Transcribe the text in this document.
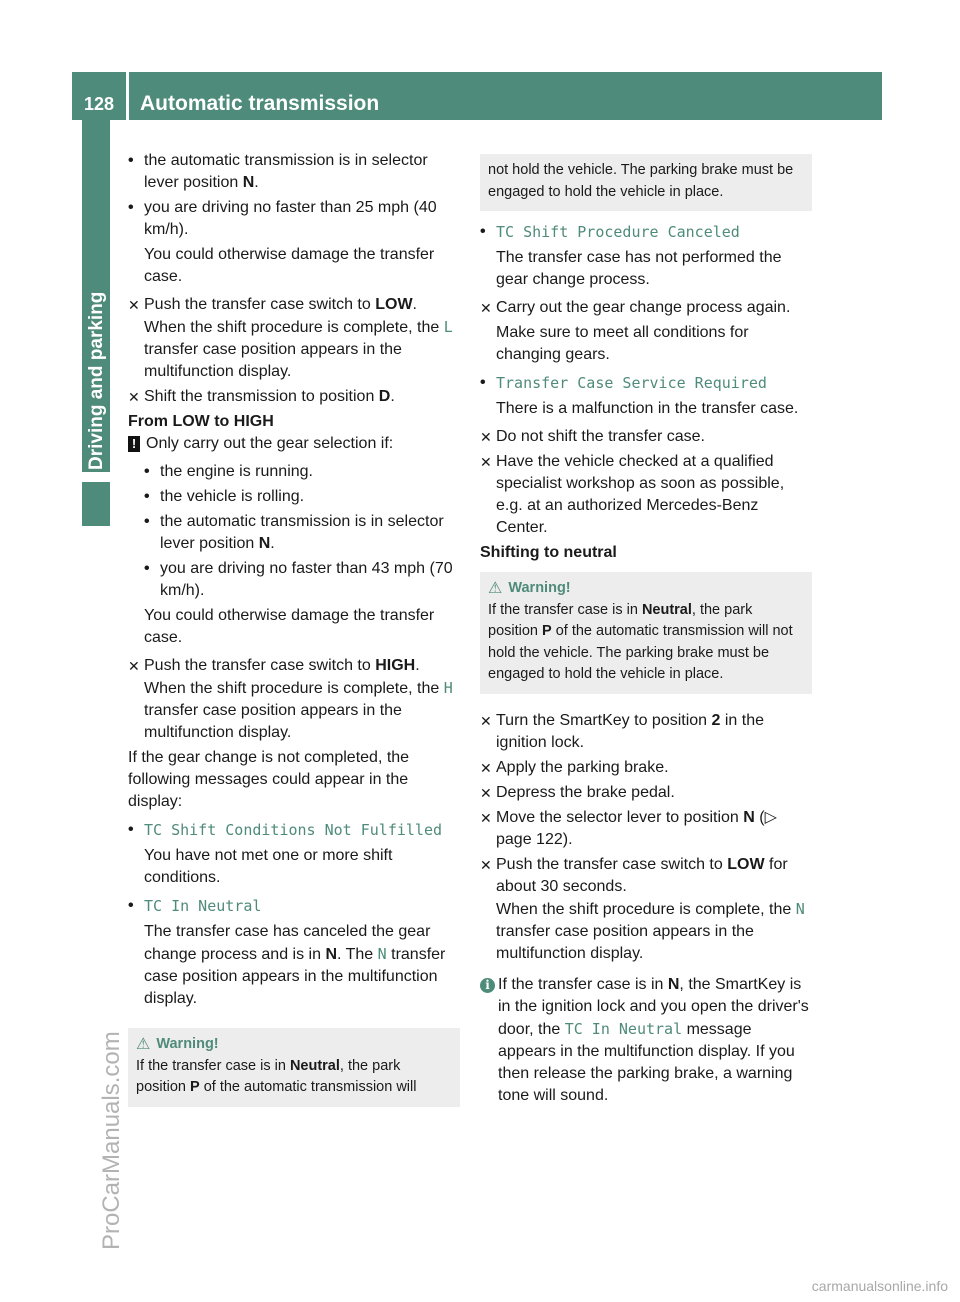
128 Automatic transmission
Driving and parking
ProCarManuals.com
carmanualsonline.info
• the automatic transmission is in selector lever position N.
• you are driving no faster than 25 mph (40 km/h).

You could otherwise damage the transfer case.

✕ Push the transfer case switch to LOW.
When the shift procedure is complete, the L transfer case position appears in the multifunction display.
✕ Shift the transmission to position D.

From LOW to HIGH

! Only carry out the gear selection if:

• the engine is running.
• the vehicle is rolling.
• the automatic transmission is in selector lever position N.
• you are driving no faster than 43 mph (70 km/h).

You could otherwise damage the transfer case.

✕ Push the transfer case switch to HIGH.
When the shift procedure is complete, the H transfer case position appears in the multifunction display.

If the gear change is not completed, the following messages could appear in the display:

• TC Shift Conditions Not Fulfilled

You have not met one or more shift conditions.

• TC In Neutral

The transfer case has canceled the gear change process and is in N. The N transfer case position appears in the multifunction display.

⚠ Warning!
If the transfer case is in Neutral, the park position P of the automatic transmission will
not hold the vehicle. The parking brake must be engaged to hold the vehicle in place.
• TC Shift Procedure Canceled

The transfer case has not performed the gear change process.

✕ Carry out the gear change process again.

Make sure to meet all conditions for changing gears.

• Transfer Case Service Required

There is a malfunction in the transfer case.

✕ Do not shift the transfer case.
✕ Have the vehicle checked at a qualified specialist workshop as soon as possible, e.g. at an authorized Mercedes-Benz Center.

Shifting to neutral

⚠ Warning!
If the transfer case is in Neutral, the park position P of the automatic transmission will not hold the vehicle. The parking brake must be engaged to hold the vehicle in place.
✕ Turn the SmartKey to position 2 in the ignition lock.
✕ Apply the parking brake.
✕ Depress the brake pedal.
✕ Move the selector lever to position N (▷ page 122).
✕ Push the transfer case switch to LOW for about 30 seconds.
When the shift procedure is complete, the N transfer case position appears in the multifunction display.
i If the transfer case is in N, the SmartKey is in the ignition lock and you open the driver's door, the TC In Neutral message appears in the multifunction display. If you then release the parking brake, a warning tone will sound.
